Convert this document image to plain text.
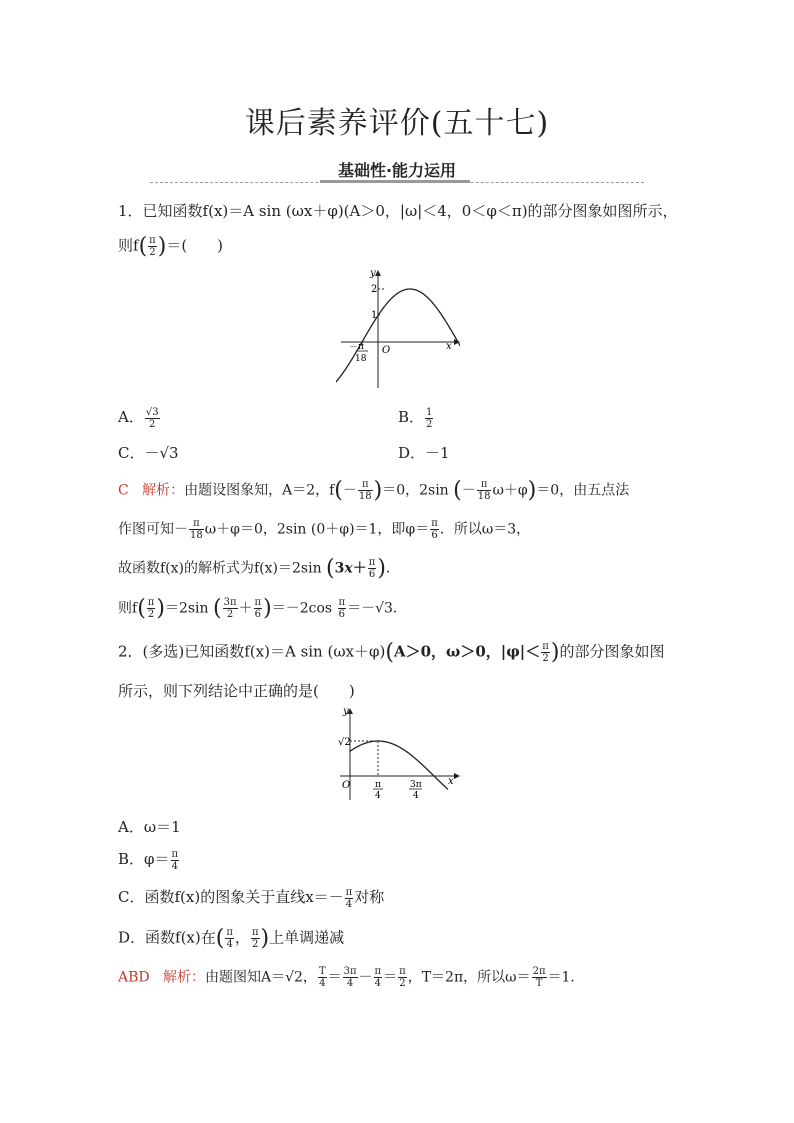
课后素养评价(五十七)
基础性·能力运用
1．已知函数f(x)＝A sin (ωx＋φ)(A＞0，|ω|＜4，0＜φ＜π)的部分图象如图所示，
则$f( \frac{\pi}{2}$ )＝(　　)
y
x
O
2
1
－ π
18
A． $\frac{√3}{2}$	B． $\frac{1}{2}$
C．－√3	D．－1
C 解析：由题设图象知，A＝2，$f(- \frac{\pi}{18} )=0$，2sin (－ $\frac{\pi}{18} \omega+\varphi)=0$，由五点法
作图可知－ $\frac{\pi}{18} \omega+\varphi=0$，2sin (0＋φ)＝1，即$\varphi= \frac{\pi}{6}$ ．所以ω＝3，
故函数f(x)的解析式为f(x)＝2sin ($3x+ \frac{\pi}{6}$ ).
则$f( \frac{\pi}{2} )=2\sin$ ( $\frac{3\pi}{2} + \frac{\pi}{6} )=-2\cos \frac{\pi}{6} =-√3$．
2．(多选)已知函数f(x)＝A sin (ωx＋φ)(A＞0，ω＞0，$|\varphi|< \frac{\pi}{2}$ )的部分图象如图
所示，则下列结论中正确的是(　　)
y
x
O
√2
π
4
3π
4
A．ω＝1
B．$\varphi= \frac{\pi}{4}$
C．函数f(x)的图象关于直线$x=- \frac{\pi}{4}$ 对称
D．函数f(x)在( $\frac{\pi}{4}$ ， $\frac{\pi}{2}$ )上单调递减
ABD 解析：由题图知A＝√2， $\frac{T}{4} = \frac{3\pi}{4} - \frac{\pi}{4} = \frac{\pi}{2}$ ，T＝2π，所以$\omega= \frac{2\pi}{T} =1$．
